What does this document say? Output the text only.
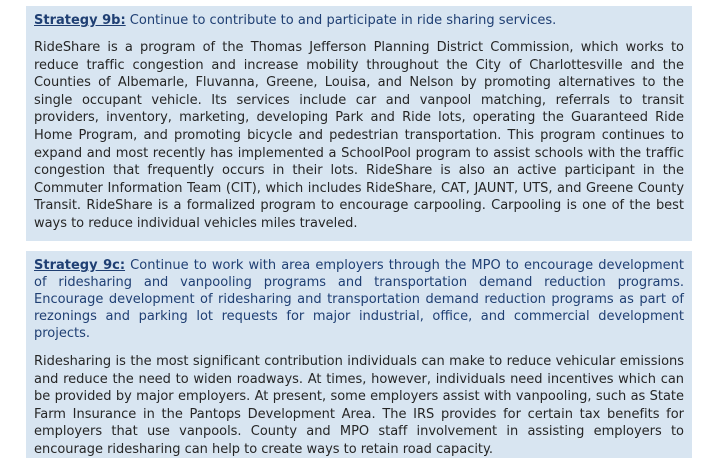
Strategy 9b: Continue to contribute to and participate in ride sharing services.

RideShare is a program of the Thomas Jefferson Planning District Commission, which works to reduce traffic congestion and increase mobility throughout the City of Charlottesville and the Counties of Albemarle, Fluvanna, Greene, Louisa, and Nelson by promoting alternatives to the single occupant vehicle. Its services include car and vanpool matching, referrals to transit providers, inventory, marketing, developing Park and Ride lots, operating the Guaranteed Ride Home Program, and promoting bicycle and pedestrian transportation. This program continues to expand and most recently has implemented a SchoolPool program to assist schools with the traffic congestion that frequently occurs in their lots. RideShare is also an active participant in the Commuter Information Team (CIT), which includes RideShare, CAT, JAUNT, UTS, and Greene County Transit. RideShare is a formalized program to encourage carpooling. Carpooling is one of the best ways to reduce individual vehicles miles traveled.

Strategy 9c: Continue to work with area employers through the MPO to encourage development of ridesharing and vanpooling programs and transportation demand reduction programs. Encourage development of ridesharing and transportation demand reduction programs as part of rezonings and parking lot requests for major industrial, office, and commercial development projects.

Ridesharing is the most significant contribution individuals can make to reduce vehicular emissions and reduce the need to widen roadways. At times, however, individuals need incentives which can be provided by major employers. At present, some employers assist with vanpooling, such as State Farm Insurance in the Pantops Development Area. The IRS provides for certain tax benefits for employers that use vanpools. County and MPO staff involvement in assisting employers to encourage ridesharing can help to create ways to retain road capacity.
